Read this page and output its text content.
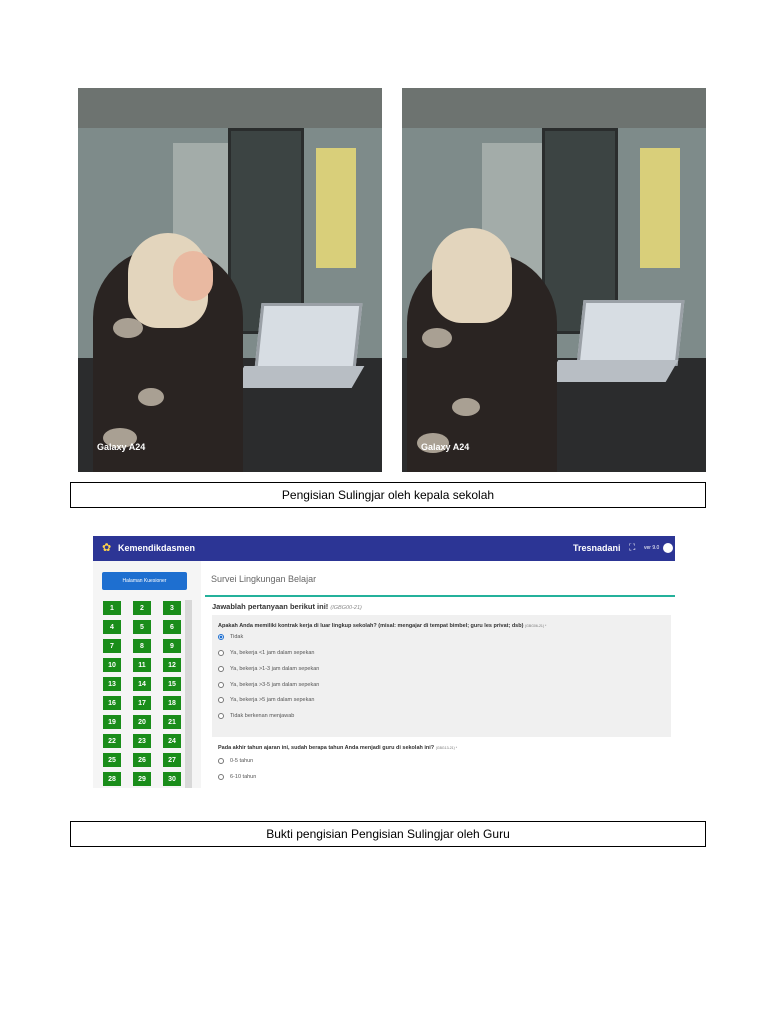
Galaxy A24	Galaxy A24
Pengisian Sulingjar oleh kepala sekolah
✿ Kemendikdasmen	Tresnadani ⛶ ver 9.0
Halaman Kuesioner
1	2	3
4	5	6
7	8	9
10	11	12
13	14	15
16	17	18
19	20	21
22	23	24
25	26	27
28	29	30
Survei Lingkungan Belajar
Jawablah pertanyaan berikut ini! (IGBG00-21)
Apakah Anda memiliki kontrak kerja di luar lingkup sekolah? (misal: mengajar di tempat bimbel; guru les privat; dsb) (GBG06-21) *
Tidak
Ya, bekerja <1 jam dalam sepekan
Ya, bekerja >1-3 jam dalam sepekan
Ya, bekerja >3-5 jam dalam sepekan
Ya, bekerja >5 jam dalam sepekan
Tidak berkenan menjawab
Pada akhir tahun ajaran ini, sudah berapa tahun Anda menjadi guru di sekolah ini? (GBG13-21) *
0-5 tahun
6-10 tahun
Bukti pengisian Pengisian Sulingjar oleh Guru
